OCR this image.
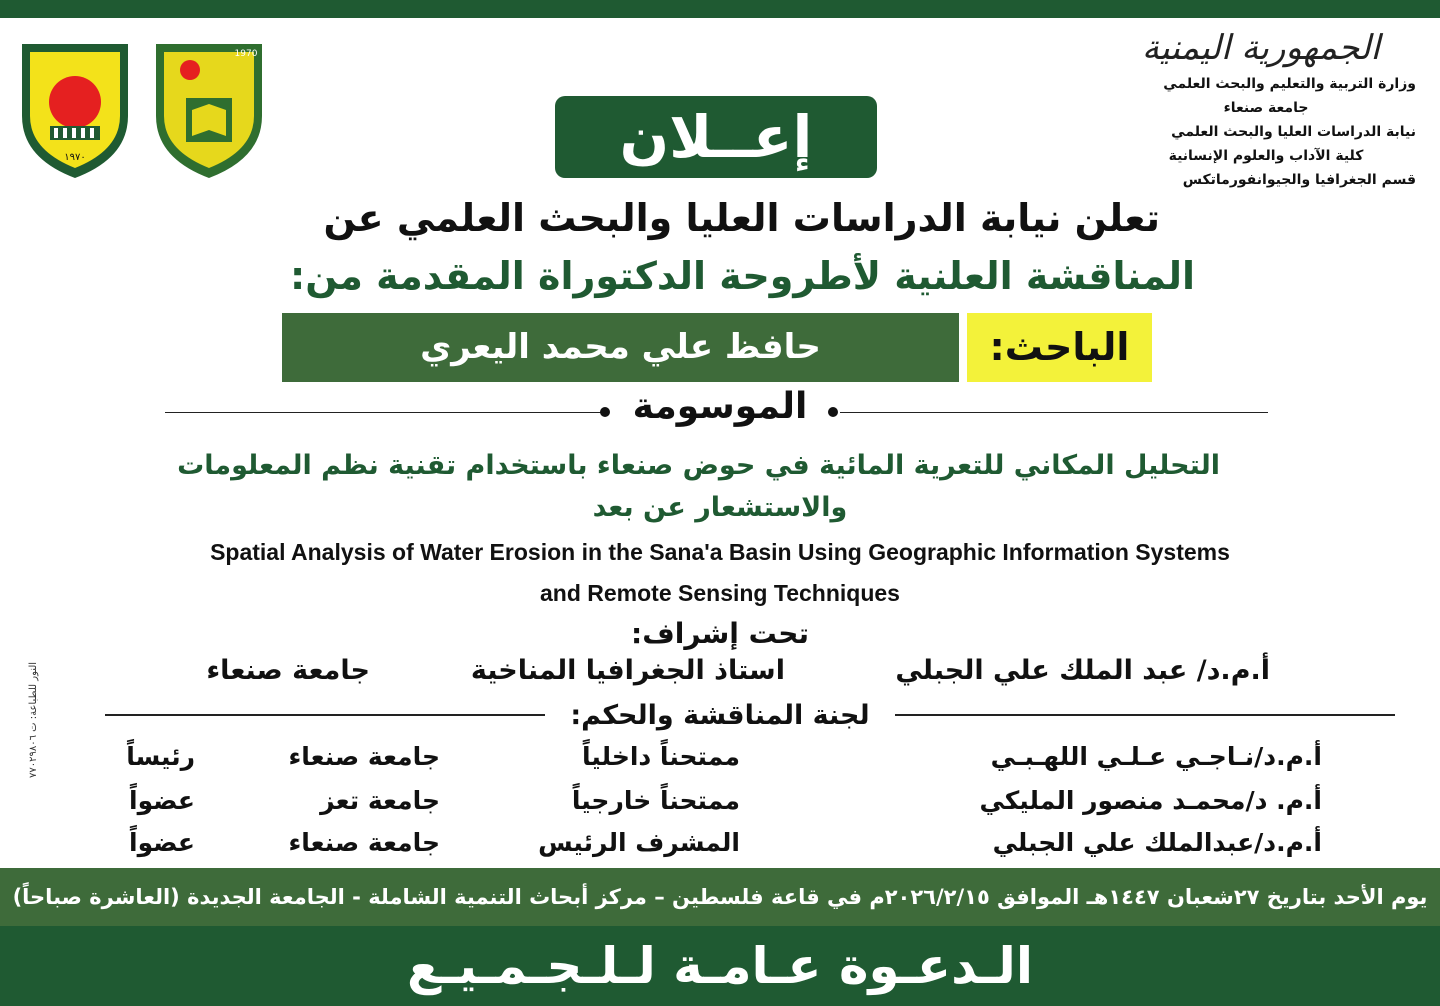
١٩٧٠
1970	الجمهورية اليمنية
وزارة التربية والتعليم والبحث العلمي
جامعة صنعاء
نيابة الدراسات العليا والبحث العلمي
كلية الآداب والعلوم الإنسانية
قسم الجغرافيا والجيوانفورماتكس
إعــلان
تعلن نيابة الدراسات العليا والبحث العلمي عن
المناقشة العلنية لأطروحة الدكتوراة المقدمة من:
حافظ علي محمد اليعري	الباحث:
الموسومة
التحليل المكاني للتعرية المائية في حوض صنعاء باستخدام تقنية نظم المعلومات
والاستشعار عن بعد
Spatial Analysis of Water Erosion in the Sana'a Basin Using Geographic Information Systems
and Remote Sensing Techniques
تحت إشراف:
أ.م.د/ عبد الملك علي الجبلي
استاذ الجغرافيا المناخية
جامعة صنعاء
لجنة المناقشة والحكم:
أ.م.د/نـاجـي عـلـي اللهـبـي
ممتحناً داخلياً
جامعة صنعاء
رئيساً
أ.م. د/محمـد منصور المليكي
ممتحناً خارجياً
جامعة تعز
عضواً
أ.م.د/عبدالملك علي الجبلي
المشرف الرئيس
جامعة صنعاء
عضواً
النور للطباعة: ت ٧٧٠٢٩٨٠٦
يوم الأحد بتاريخ ٢٧شعبان ١٤٤٧هـ الموافق ٢٠٢٦/٢/١٥م في قاعة فلسطين – مركز أبحاث التنمية الشاملة - الجامعة الجديدة (العاشرة صباحاً)
الـدعـوة عـامـة لـلـجـمـيـع
